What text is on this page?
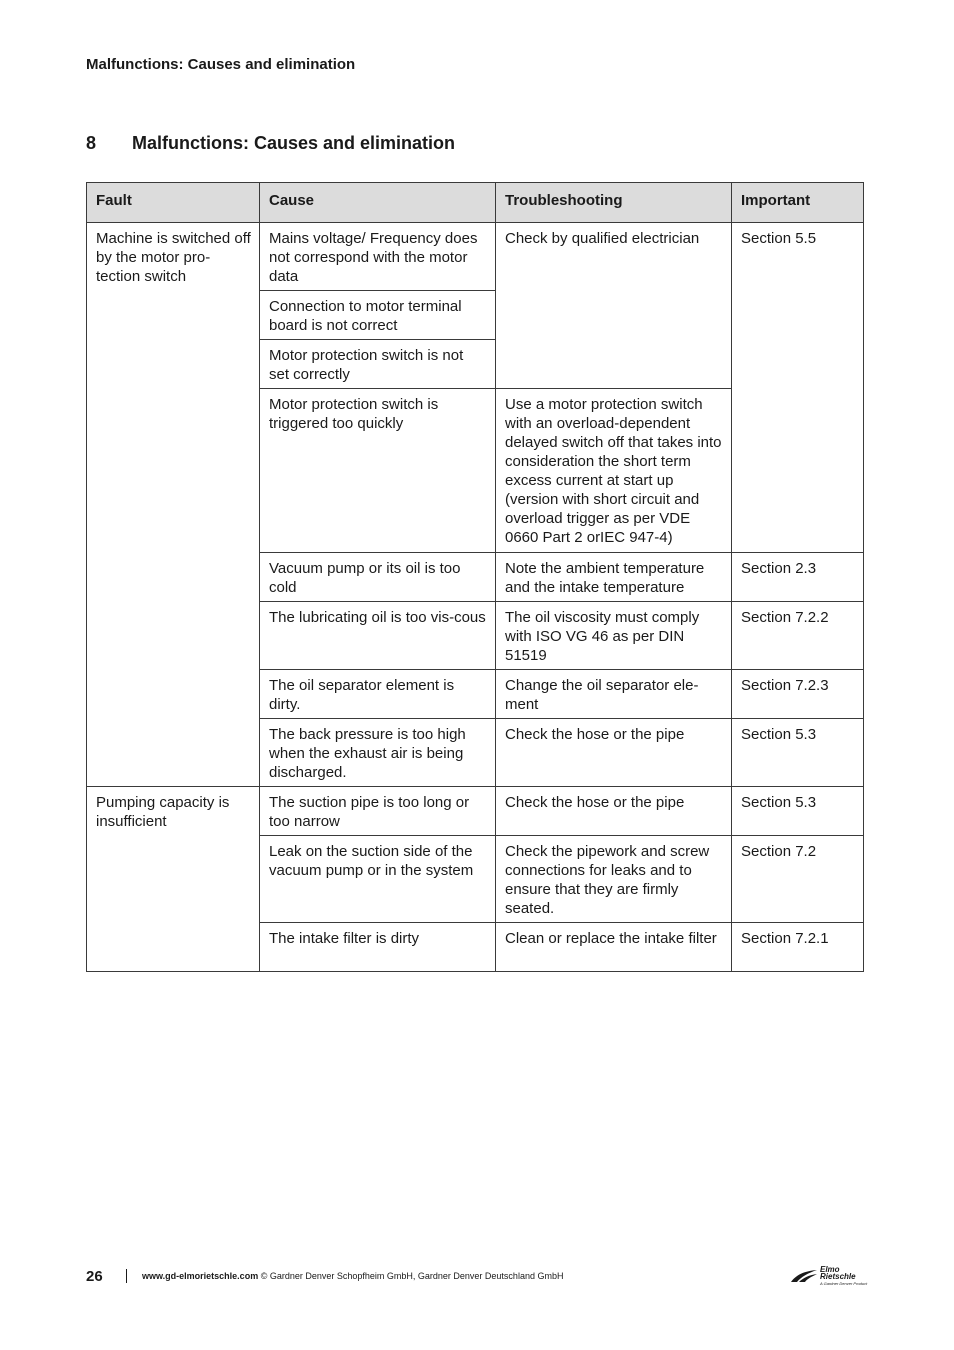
Malfunctions: Causes and elimination
8 Malfunctions: Causes and elimination
Fault	Cause	Troubleshooting	Important
Machine is switched off by the motor pro-tection switch	Mains voltage/ Frequency does not correspond with the motor data	Check by qualified electrician	Section 5.5
	Connection to motor terminal board is not correct		
	Motor protection switch is not set correctly		
	Motor protection switch is triggered too quickly	Use a motor protection switch with an overload-dependent delayed switch off that takes into consideration the short term excess current at start up (version with short circuit and overload trigger as per VDE 0660 Part 2 orIEC 947-4)	
	Vacuum pump or its oil is too cold	Note the ambient temperature and the intake temperature	Section 2.3
	The lubricating oil is too vis-cous	The oil viscosity must comply with ISO VG 46 as per DIN 51519	Section 7.2.2
	The oil separator element is dirty.	Change the oil separator ele-ment	Section 7.2.3
	The back pressure is too high when the exhaust air is being discharged.	Check the hose or the pipe	Section 5.3
Pumping capacity is insufficient	The suction pipe is too long or too narrow	Check the hose or the pipe	Section 5.3
	Leak on the suction side of the vacuum pump or in the system	Check the pipework and screw connections for leaks and to ensure that they are firmly seated.	Section 7.2
	The intake filter is dirty	Clean or replace the intake filter	Section 7.2.1
26	www.gd-elmorietschle.com © Gardner Denver Schopfheim GmbH, Gardner Denver Deutschland GmbH
Elmo
Rietschle
A Gardner Denver Product
